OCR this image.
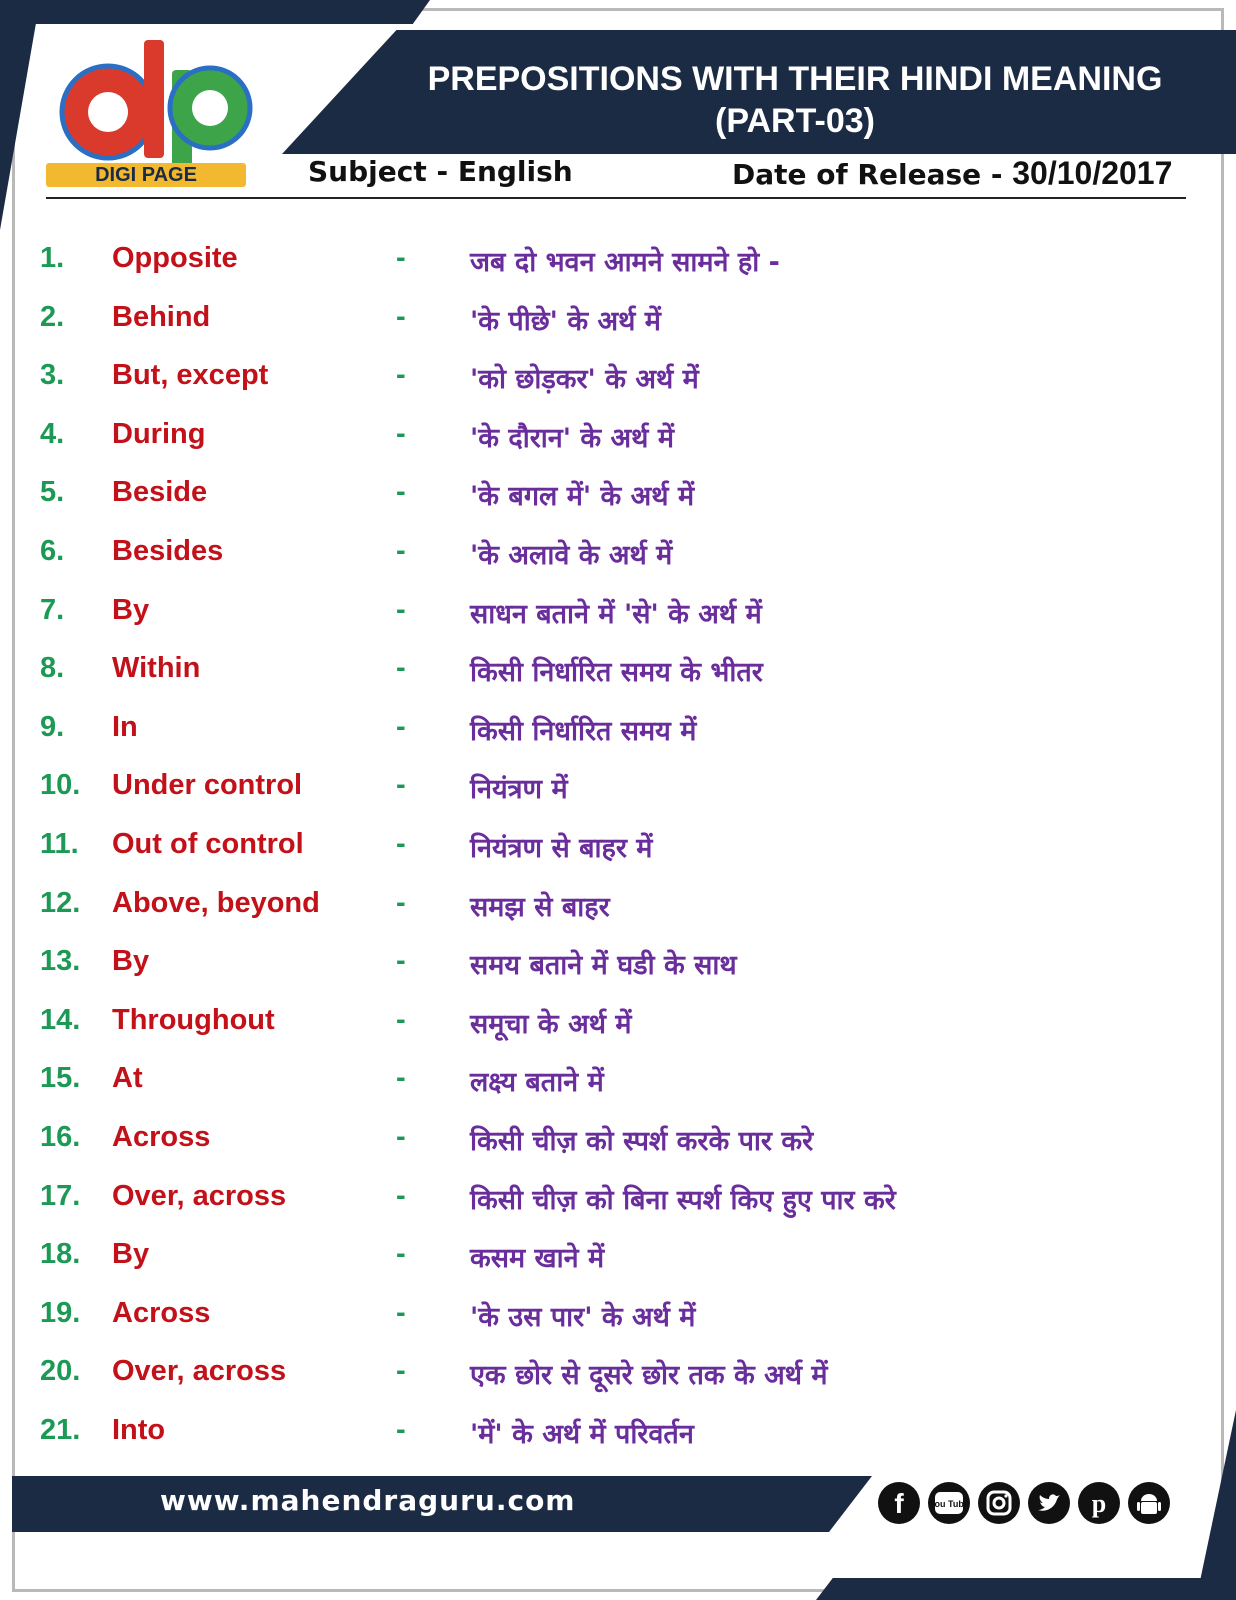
PREPOSITIONS WITH THEIR HINDI MEANING
(PART-03)
DIGI PAGE	Subject - English	Date of Release - 30/10/2017
1. Opposite	- जब दो भवन आमने सामने हो -
2. Behind	- 'के पीछे' के अर्थ में
3. But, except	- 'को छोड़कर' के अर्थ में
4. During	- 'के दौरान' के अर्थ में
5. Beside	- 'के बगल में' के अर्थ में
6. Besides	- 'के अलावे के अर्थ में
7. By	- साधन बताने में 'से' के अर्थ में
8. Within	- किसी निर्धारित समय के भीतर
9. In	- किसी निर्धारित समय में
10. Under control	- नियंत्रण में
11. Out of control	- नियंत्रण से बाहर में
12. Above, beyond	- समझ से बाहर
13. By	- समय बताने में घडी के साथ
14. Throughout	- समूचा के अर्थ में
15. At	- लक्ष्य बताने में
16. Across	- किसी चीज़ को स्पर्श करके पार करे
17. Over, across	- किसी चीज़ को बिना स्पर्श किए हुए पार करे
18. By	- कसम खाने में
19. Across	- 'के उस पार' के अर्थ में
20. Over, across	- एक छोर से दूसरे छोर तक के अर्थ में
21. Into	- 'में' के अर्थ में परिवर्तन
www.mahendraguru.com	f	You Tube	p
